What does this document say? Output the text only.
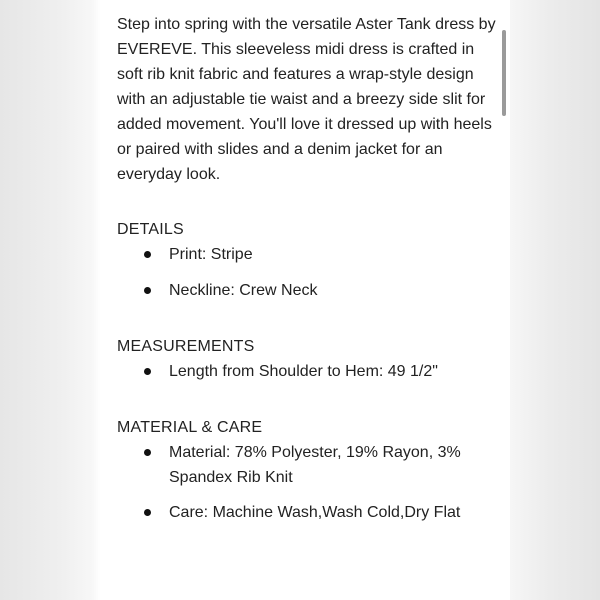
Step into spring with the versatile Aster Tank dress by EVEREVE. This sleeveless midi dress is crafted in soft rib knit fabric and features a wrap-style design with an adjustable tie waist and a breezy side slit for added movement. You'll love it dressed up with heels or paired with slides and a denim jacket for an everyday look.

DETAILS
Print: Stripe
Neckline: Crew Neck
MEASUREMENTS
Length from Shoulder to Hem: 49 1/2"
MATERIAL & CARE
Material: 78% Polyester, 19% Rayon, 3% Spandex Rib Knit
Care: Machine Wash,Wash Cold,Dry Flat
